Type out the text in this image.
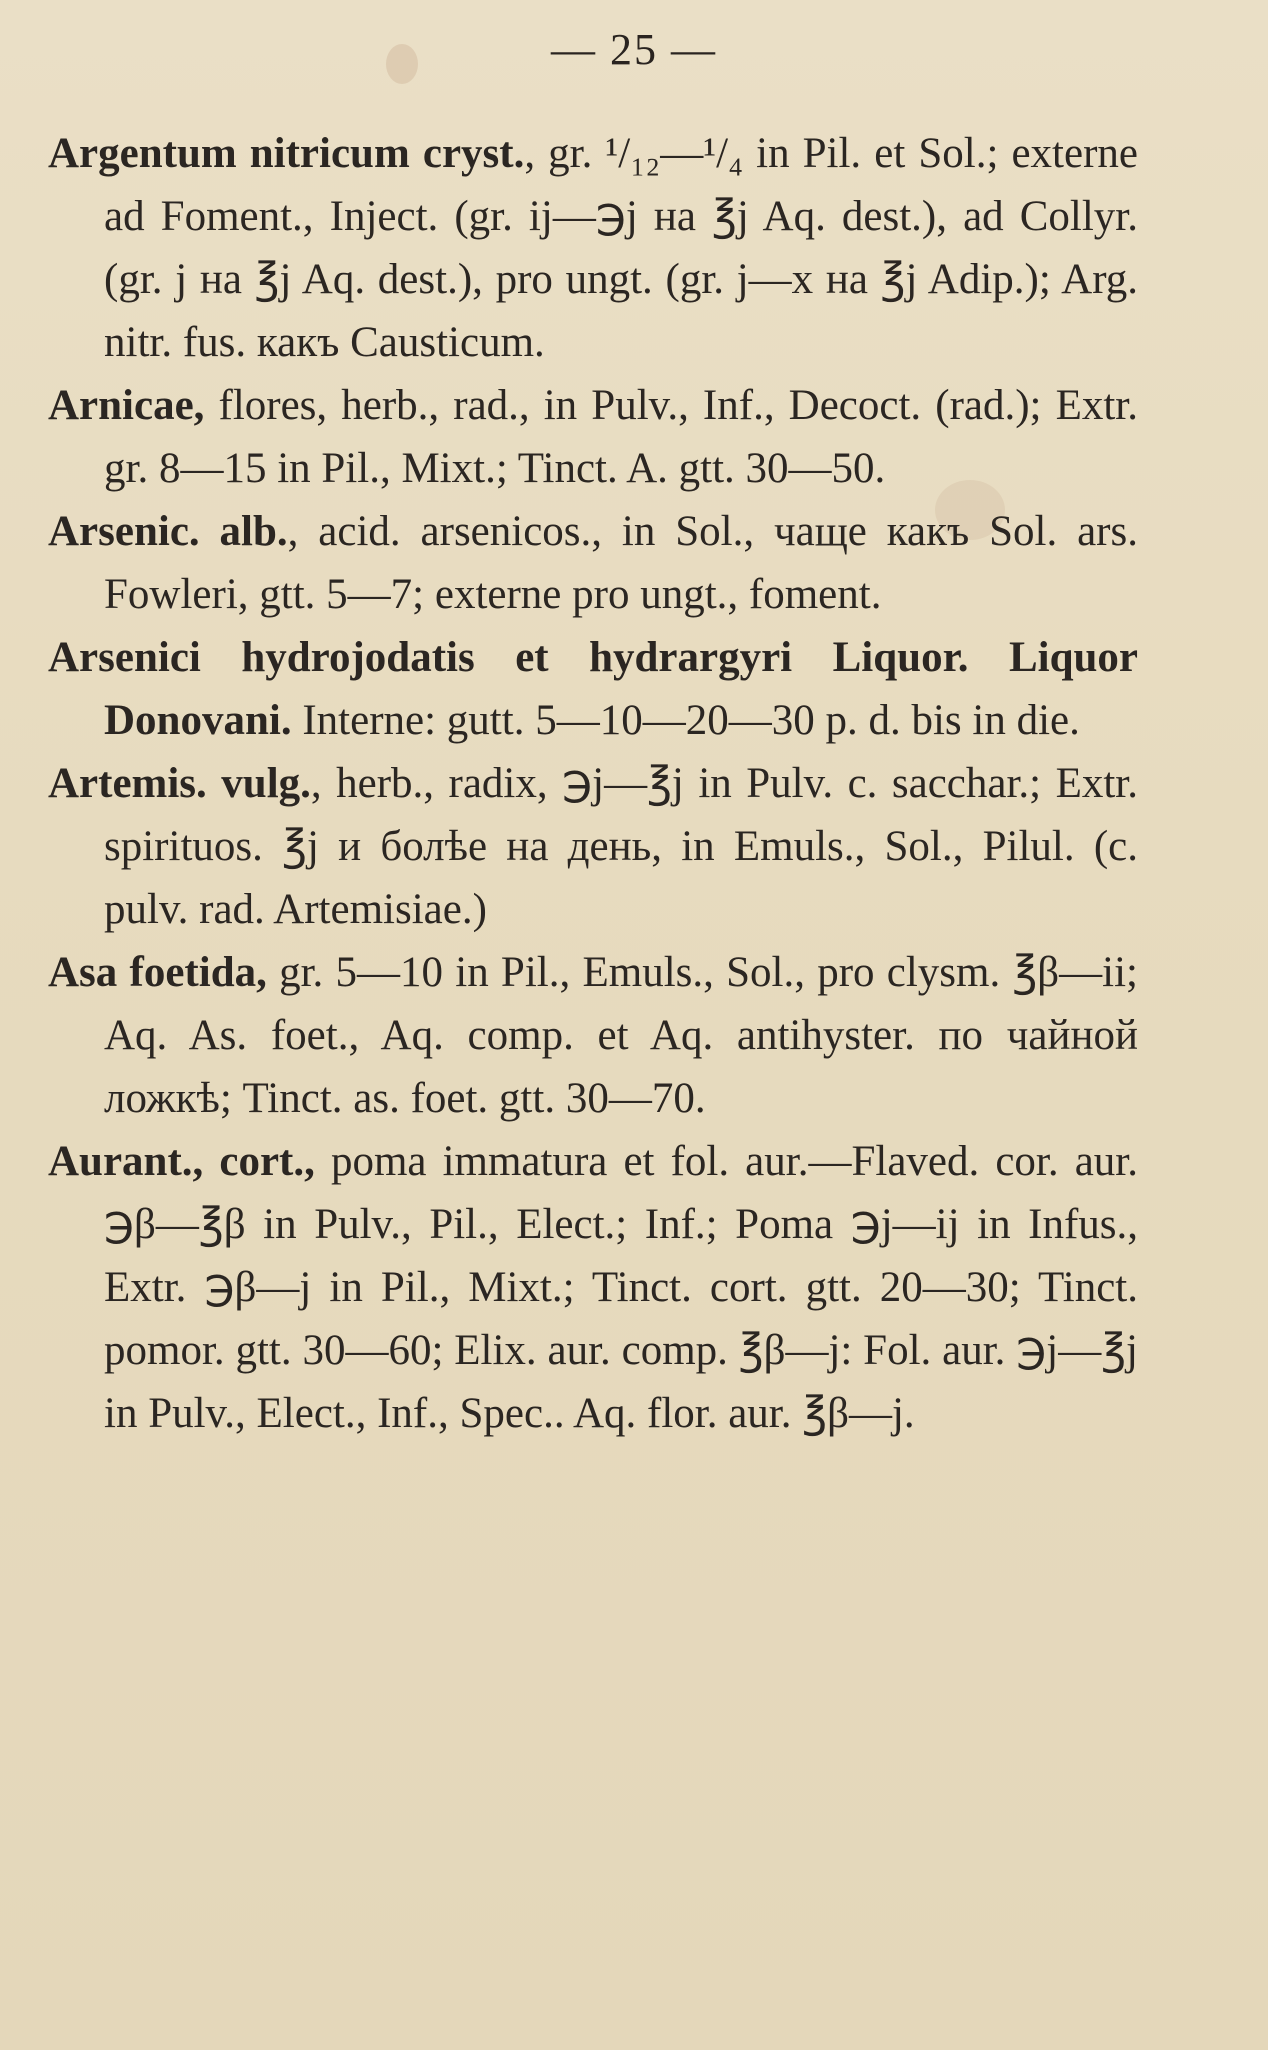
— 25 —

Argentum nitricum cryst., gr. ¹/₁₂—¹/₄ in Pil. et Sol.; externe ad Foment., Inject. (gr. ij—℈j на ℥j Aq. dest.), ad Collyr. (gr. j на ℥j Aq. dest.), pro ungt. (gr. j—x на ℥j Adip.); Arg. nitr. fus. какъ Causticum.

Arnicae, flores, herb., rad., in Pulv., Inf., Decoct. (rad.); Extr. gr. 8—15 in Pil., Mixt.; Tinct. A. gtt. 30—50.

Arsenic. alb., acid. arsenicos., in Sol., чаще какъ Sol. ars. Fowleri, gtt. 5—7; externe pro ungt., foment.

Arsenici hydrojodatis et hydrargyri Liquor. Liquor Donovani. Interne: gutt. 5—10—20—30 p. d. bis in die.

Artemis. vulg., herb., radix, ℈j—℥j in Pulv. c. sacchar.; Extr. spirituos. ℥j и болѣе на день, in Emuls., Sol., Pilul. (c. pulv. rad. Artemisiae.)

Asa foetida, gr. 5—10 in Pil., Emuls., Sol., pro clysm. ℥β—ii; Aq. As. foet., Aq. comp. et Aq. antihyster. по чайной ложкѣ; Tinct. as. foet. gtt. 30—70.

Aurant., cort., poma immatura et fol. aur.—Flaved. cor. aur. ℈β—℥β in Pulv., Pil., Elect.; Inf.; Poma ℈j—ij in Infus., Extr. ℈β—j in Pil., Mixt.; Tinct. cort. gtt. 20—30; Tinct. pomor. gtt. 30—60; Elix. aur. comp. ℥β—j: Fol. aur. ℈j—℥j in Pulv., Elect., Inf., Spec.. Aq. flor. aur. ℥β—j.
